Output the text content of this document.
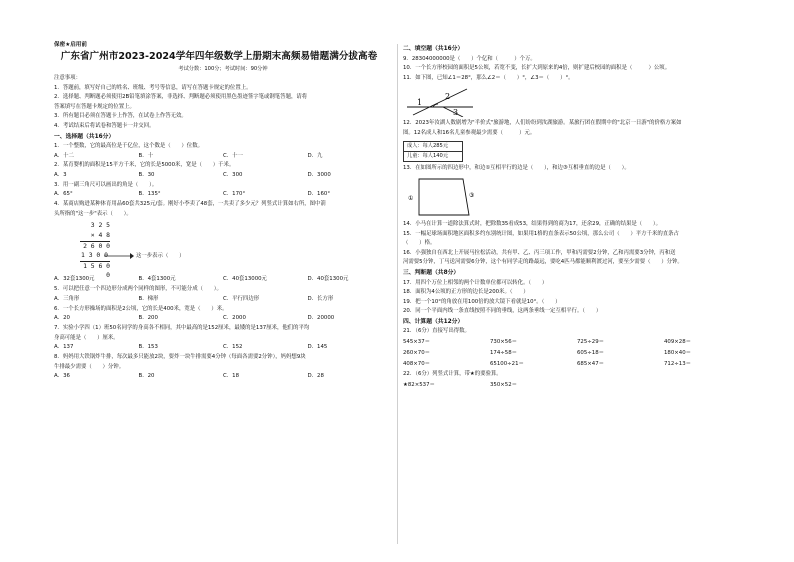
保密★启用前
广东省广州市2023-2024学年四年级数学上册期末高频易错题满分拔高卷
考试分数：100分；考试时间：90分钟
注意事项：
1．答题前，填写好自己的姓名、班级、考号等信息，请写在答题卡规定的位置上。
2．选择题、判断题必须使用2B铅笔填涂答案，非选择、判断题必须使用黑色墨迹签字笔或钢笔答题，请将
答案填写在答题卡规定的位置上。
3．所有题目必须在答题卡上作答，在试卷上作答无效。
4．考试结束后将试卷和答题卡一并交回。
一、选择题（共16分）
1．一个整数，它的最高位是千亿位，这个数是（　　）位数。
A．十二	B．十	C．十一	D．九
2．某育婴机的面积是15平方千米，它的长是5000米，宽是（　　）千米。
A．3	B．30	C．300	D．3000
3．用一副三角尺可以画出的角是（　　）。
A．65°	B．135°	C．170°	D．160°
4．某商店购进某种体育用品60套共325元/套。刚好小李卖了48套，一共卖了多少元？列竖式计算如右所，图中箭
头所指的"这一步"表示（　　）。
3 2 5
× 4 8
2 6 0 0
1 3 0 0
1 5 6 0 0
这一步表示（　　）
A．32套1300元	B．4套1300元	C．40套13000元	D．40套1300元
5．可以把任意一个四边形分成两个同样的图形，不可能分成（　　）。
A．三角形	B．梯形	C．平行四边形	D．长方形
6．一个长方形操场的面积是2公顷，它的长是400米，宽是（　　）米。
A．20	B．200	C．2000	D．20000
7．实验小学四（1）班50名同学的身高各不相同，其中最高的是152厘米，最矮的是137厘米，他们的平均
身高可能是（　　）厘米。
A．137	B．153	C．152	D．145
8．妈妈用大铁锅炸牛排，每次最多只能放2块，要炸一块牛排需要4分钟（每面各需要2分钟），妈妈想9块
牛排最少需要（　　）分钟。
A．36	B．20	C．18	D．28
二、填空题（共16分）
9．28304000000是（　　）个亿和（　　　）个万。
10．一个长方形校园的面积是5公顷，若宽不变，长扩大到原来的4倍，则扩建后校园的面积是（　　　）公顷。
11．如下图，已知∠1＝28°，那么∠2＝（　　）°，∠3＝（　　）°。
1
2
3
12．2023年汝湖人数剧增为"半价式"旅游地，人们纷纷到汝湖旅游。某旅行团在假期中的"北京一日游"的价格方案如
图。12名成人和16名儿童参观最少需要（　　　）元。
成人：每人285元
儿童：每人140元
13．在如图所示的四边形中，和边①互相平行的边是（　　），和边③互相垂直的边是（　　）。
①	③
14．小马在计算一道除法算式时，把除数35看成53，结果得到的商为17，还余29，正确的结果是（　　）。
15．一幅足球场面积地区面积多约东别统计图，如果用1格的直条表示50公顷，那么公司（　　）平方千米的直条占
（　　）格。
16．小强独自在西北上开展马拉松活动，共有甲、乙、丙三项工作，甲和丙需要2分钟，乙和丙需要3分钟，丙和送
河需要5分钟，丁马送河需要6分钟，这个有同学走的路最远，要吃4匹马都能顺利渡过河，要至少需要（　　）分钟。
三、判断题（共8分）
17．用四个万位上相邻的两个计数单位都可以转化。（　　）
18．面积为4公顷的正方形的边长是200米。（　　）
19．把一个10°的角放在用100倍的放大镜下看就是10°。（　　）
20．同一个平面内线一条直线按照不同的垂线，这两条垂线一定互相平行。（　　）
四、计算题（共12分）
21．（6分）直接写出得数。
545×37＝	730×56＝	725÷29＝	409×28＝
260×70＝	174÷58＝	605÷18＝	180×40＝
408×70＝	65100÷21＝	685×47＝	712÷13＝
22．（6分）列竖式计算，带★的要验算。
★82×537＝	350×52＝
